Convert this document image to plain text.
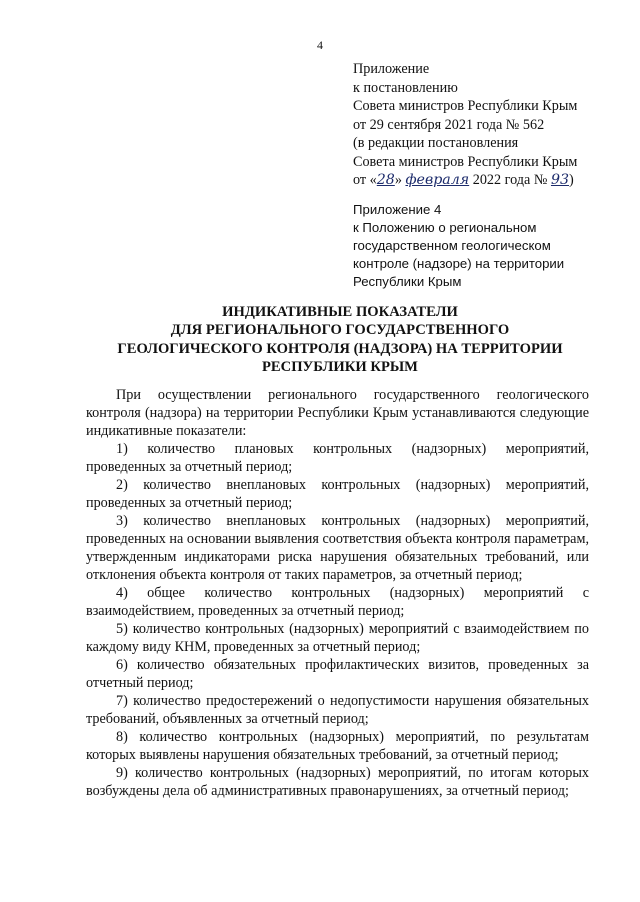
4
Приложение
к постановлению
Совета министров Республики Крым
от 29 сентября 2021 года № 562
(в редакции постановления
Совета министров Республики Крым
от «28» февраля 2022 года № 93)
Приложение 4
к Положению о региональном
государственном геологическом
контроле (надзоре) на территории
Республики Крым
ИНДИКАТИВНЫЕ ПОКАЗАТЕЛИ
ДЛЯ РЕГИОНАЛЬНОГО ГОСУДАРСТВЕННОГО
ГЕОЛОГИЧЕСКОГО КОНТРОЛЯ (НАДЗОРА) НА ТЕРРИТОРИИ
РЕСПУБЛИКИ КРЫМ

При осуществлении регионального государственного геологического контроля (надзора) на территории Республики Крым устанавливаются следующие индикативные показатели:

1) количество плановых контрольных (надзорных) мероприятий, проведенных за отчетный период;

2) количество внеплановых контрольных (надзорных) мероприятий, проведенных за отчетный период;

3) количество внеплановых контрольных (надзорных) мероприятий, проведенных на основании выявления соответствия объекта контроля параметрам, утвержденным индикаторами риска нарушения обязательных требований, или отклонения объекта контроля от таких параметров, за отчетный период;

4) общее количество контрольных (надзорных) мероприятий с взаимодействием, проведенных за отчетный период;

5) количество контрольных (надзорных) мероприятий с взаимодействием по каждому виду КНМ, проведенных за отчетный период;

6) количество обязательных профилактических визитов, проведенных за отчетный период;

7) количество предостережений о недопустимости нарушения обязательных требований, объявленных за отчетный период;

8) количество контрольных (надзорных) мероприятий, по результатам которых выявлены нарушения обязательных требований, за отчетный период;

9) количество контрольных (надзорных) мероприятий, по итогам которых возбуждены дела об административных правонарушениях, за отчетный период;
